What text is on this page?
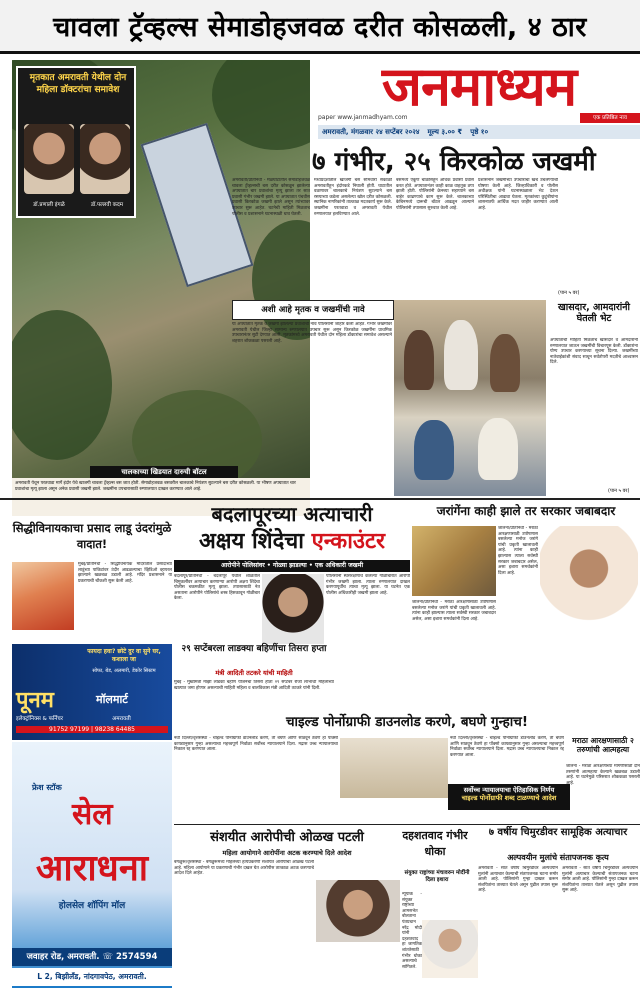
चावला ट्रॅव्हल्स सेमाडोहजवळ दरीत कोसळली, ४ ठार
जनमाध्यम
paper www.janmadhyam.com	एक प्रतिष्ठित नाव
अमरावती, मंगळवार २४ सप्टेंबर २०२४ मूल्य ३.०० ₹ पृष्ठे १०
मृतकात अमरावती येथील दोन महिला डॉक्टरांचा समावेश
डॉ.प्रणाली इंगळे	डॉ.पल्लवी कदम
चालकाच्या खिडयात दारुची बॉटल
अमरावती येथून परतवाडा मार्गे इंदोर येथे खाजगी चावला ट्रॅव्हल्स बस जात होती. सेमाडोहजवळ बसवरील चालकाचे नियंत्रण सुटल्याने बस दरीत कोसळली. या भीषण अपघातात चार प्रवाशांचा मृत्यू झाला असून अनेक प्रवासी जखमी झाले. जखमींना उपचारासाठी रुग्णालयात दाखल करण्यात आले आहे.
७ गंभीर, २५ किरकोळ जखमी
अमरावती/प्रतिनिधी - मेळघाटातील सेमाडोहजवळ चावला ट्रॅव्हल्सची बस दरीत कोसळून झालेल्या अपघातात चार प्रवाशांचा मृत्यू झाला तर सात प्रवासी गंभीर जखमी झाले. या अपघातात पंचवीस प्रवासी किरकोळ जखमी झाले असून त्यांच्यावर उपचार सुरू आहेत. घटनेची माहिती मिळताच पोलीस व प्रशासनाने घटनास्थळी धाव घेतली.
मध्यप्रदेशातील खाजगी बस सोमवारी सकाळी अमरावतीहून इंदोरकडे निघाली होती. घाटातील वळणावर चालकाचे नियंत्रण सुटल्याने बस रस्त्याच्या कडेला असलेल्या खोल दरीत कोसळली. स्थानिक नागरिकांनी तात्काळ मदतकार्य सुरू केले. जखमींना परतवाडा व अमरावती येथील रुग्णालयात हलविण्यात आले.
बसमध्ये एकूण चाळीसहून अधिक प्रवासी प्रवास करत होते. अपघातानंतर काही काळ वाहतूक ठप्प झाली होती. पोलिसांनी क्रेनच्या सहाय्याने बस बाहेर काढण्याचे काम सुरू केले. चालकाच्या केबिनमध्ये दारूची बॉटल आढळून आल्याने पोलिसांनी तपासास सुरुवात केली आहे.
प्रशासनाने जखमींच्या उपचाराचा खर्च उचलण्याची घोषणा केली आहे. जिल्हाधिकारी व पोलीस अधीक्षक यांनी घटनास्थळाला भेट देऊन परिस्थितीचा आढावा घेतला. मृतकांच्या कुटुंबीयांना शासनातर्फे आर्थिक मदत जाहीर करण्यात आली आहे.
(पान ५ वर)
अशी आहे मृतक व जखमींची नावे
या अपघातात मृतक व जखमी झालेल्या प्रवाशांची नावे पोलिसांनी जाहीर केली आहेत. गंभीर जखमींवर अमरावती येथील जिल्हा सामान्य रुग्णालयात उपचार सुरू असून किरकोळ जखमींना प्राथमिक उपचारानंतर सुटी देण्यात आली. मृतकांमध्ये अमरावती येथील दोन महिला डॉक्टरांचा समावेश असल्याने शहरात शोककळा पसरली आहे.
खासदार, आमदारांनी घेतली भेट
अपघाताची माहिती मिळताच खासदार व आमदारांनी रुग्णालयात जाऊन जखमींची विचारपूस केली. डॉक्टरांना योग्य उपचार करण्याच्या सूचना दिल्या. जखमींच्या नातेवाईकांशी संवाद साधून सर्वतोपरी मदतीचे आश्वासन दिले.
(पान ५ वर)
सिद्धीविनायकाचा प्रसाद लाडू उंदरांमुळे वादात!
मुंबई/प्रतिनिधी - सिद्धीविनायक मंदिरातील प्रसादाच्या लाडूंच्या पाकिटांवर उंदीर आढळल्याचा व्हिडिओ व्हायरल झाल्याने खळबळ उडाली आहे. मंदिर प्रशासनाने या प्रकरणाची चौकशी सुरू केली आहे.
बदलापूरच्या अत्याचारी
अक्षय शिंदेचा एन्काउंटर
आरोपीने पोलिसांवर • गोळ्या झाडल्या • एक अधिकारी जखमी
बदलापूर/प्रतिनिधी - बदलापूर येथील शाळेतील चिमुकलींवर अत्याचार करणाऱ्या आरोपी अक्षय शिंदेचा पोलीस चकमकीत मृत्यू झाला. तपासासाठी नेत असताना आरोपीने पोलिसांचे शस्त्र हिसकावून गोळीबार केला.
पोलिसांनी स्वसंरक्षणार्थ केलेल्या गोळीबारात आरोपी गंभीर जखमी झाला. त्याला रुग्णालयात दाखल करण्यापूर्वीच त्याचा मृत्यू झाला. या घटनेत एक पोलीस अधिकारीही जखमी झाला आहे.
जरांगेंना काही झाले तर सरकार जबाबदार
जालना/प्रतिनिधी - मराठा आरक्षणासाठी उपोषणास बसलेल्या मनोज जरांगे यांची प्रकृती खालावली आहे. त्यांना काही झाल्यास त्याला सर्वस्वी सरकार जबाबदार असेल, असा इशारा समर्थकांनी दिला आहे.
जालना/प्रतिनिधी - मराठा आरक्षणासाठी उपोषणास बसलेल्या मनोज जरांगे यांची प्रकृती खालावली आहे. त्यांना काही झाल्यास त्याला सर्वस्वी सरकार जबाबदार असेल, असा इशारा समर्थकांनी दिला आहे.
२९ सप्टेंबरला लाडक्या बहिणींचा तिसरा हप्ता
मंत्री आदिती तटकरे यांची माहिती
मुंबई - मुख्यमंत्री माझी लाडकी बहीण योजनेचा तिसरा हप्ता २९ सप्टेंबर रोजी लाभार्थी महिलांच्या खात्यात जमा होणार असल्याची माहिती महिला व बालविकास मंत्री आदिती तटकरे यांनी दिली.
फायदा हवा? छोटे दुर वा सुने घर, कशाला जा
सोफा, बेड, अलमारी, डेकोर सिस्टम
पूनम	मॉलमार्ट
इलेक्ट्रॉनिक्स & फर्निचर	अमरावती
91752 97199 | 98238 64485
फ्रेश स्टॉक
सेल
आराधना
होलसेल शॉपिंग मॉल
जवाहर रोड, अमरावती. ☏ 2574594
L 2, बिझीलॅंड, नांदगावपेठ, अमरावती.
चाइल्ड पोर्नोग्राफी डाउनलोड करणे, बघणे गुन्हाच!
नवी दिल्ली/वृत्तसंस्था - चाइल्ड पोर्नोग्राफी डाउनलोड करणे, ती बघणे आणि साठवून ठेवणे हा पॉक्सो कायद्यानुसार गुन्हा असल्याचा महत्त्वपूर्ण निर्वाळा सर्वोच्च न्यायालयाने दिला. मद्रास उच्च न्यायालयाचा निकाल रद्द करण्यात आला.
नवी दिल्ली/वृत्तसंस्था - चाइल्ड पोर्नोग्राफी डाउनलोड करणे, ती बघणे आणि साठवून ठेवणे हा पॉक्सो कायद्यानुसार गुन्हा असल्याचा महत्त्वपूर्ण निर्वाळा सर्वोच्च न्यायालयाने दिला. मद्रास उच्च न्यायालयाचा निकाल रद्द करण्यात आला.
सर्वोच्च न्यायालयाचा ऐतिहासिक निर्णय
चाइल्ड पोर्नोग्राफी शब्द टाळण्याचे आदेश
मराठा आरक्षणासाठी २ तरुणांची आत्महत्या
जालना - मराठा आरक्षणाच्या मागणीसाठी दोन तरुणांनी आत्महत्या केल्याने खळबळ उडाली आहे. या घटनेमुळे परिसरात शोककळा पसरली आहे.
संशयीत आरोपीची ओळख पटली
महिला आयोगाने आरोपींना अटक करण्याचे दिले आदेश
बेंगळुरू/वृत्तसंस्था - बेंगळुरूमध्ये महिलेच्या हत्येप्रकरणी संशयित आरोपीची ओळख पटली आहे. महिला आयोगाने या प्रकरणाची गंभीर दखल घेत आरोपीस तात्काळ अटक करण्याचे आदेश दिले आहेत.
दहशतवाद गंभीर धोका
संयुक्त राष्ट्रांच्या मंचावरुन मोदींनी दिला इशारा
न्यूयॉर्क - संयुक्त राष्ट्रांच्या आमसभेत बोलताना पंतप्रधान नरेंद्र मोदी यांनी दहशतवाद हा जागतिक शांततेसाठी गंभीर धोका असल्याचे सांगितले.
७ वर्षीय चिमुरडीवर सामूहिक अत्याचार
अल्पवयीन मुलांचे संतापजनक कृत्य
अमरावती - सात वर्षीय चिमुरडीवर अल्पवयीन मुलांनी अत्याचार केल्याची संतापजनक घटना समोर आली आहे. पोलिसांनी गुन्हा दाखल करून संशयितांना ताब्यात घेतले असून पुढील तपास सुरू आहे.
अमरावती - सात वर्षीय चिमुरडीवर अल्पवयीन मुलांनी अत्याचार केल्याची संतापजनक घटना समोर आली आहे. पोलिसांनी गुन्हा दाखल करून संशयितांना ताब्यात घेतले असून पुढील तपास सुरू आहे.
